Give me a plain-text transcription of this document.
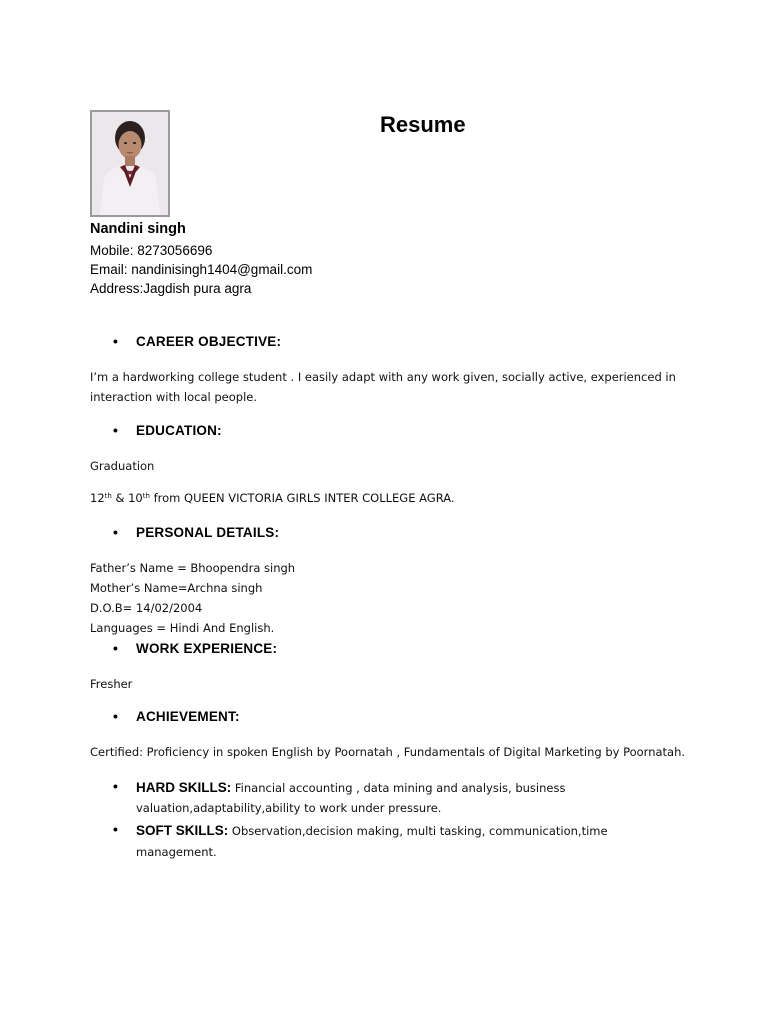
Resume
Nandini singh
Mobile: 8273056696
Email: nandinisingh1404@gmail.com
Address:Jagdish pura agra
• CAREER OBJECTIVE:
I’m a hardworking college student . I easily adapt with any work given, socially active, experienced in
interaction with local people.
• EDUCATION:
Graduation
12th & 10th from QUEEN VICTORIA GIRLS INTER COLLEGE AGRA.
• PERSONAL DETAILS:
Father’s Name = Bhoopendra singh
Mother’s Name=Archna singh
D.O.B= 14/02/2004
Languages = Hindi And English.
• WORK EXPERIENCE:
Fresher
• ACHIEVEMENT:
Certified: Proficiency in spoken English by Poornatah , Fundamentals of Digital Marketing by Poornatah.
• HARD SKILLS: Financial accounting , data mining and analysis, business
valuation,adaptability,ability to work under pressure.
• SOFT SKILLS: Observation,decision making, multi tasking, communication,time
management.
